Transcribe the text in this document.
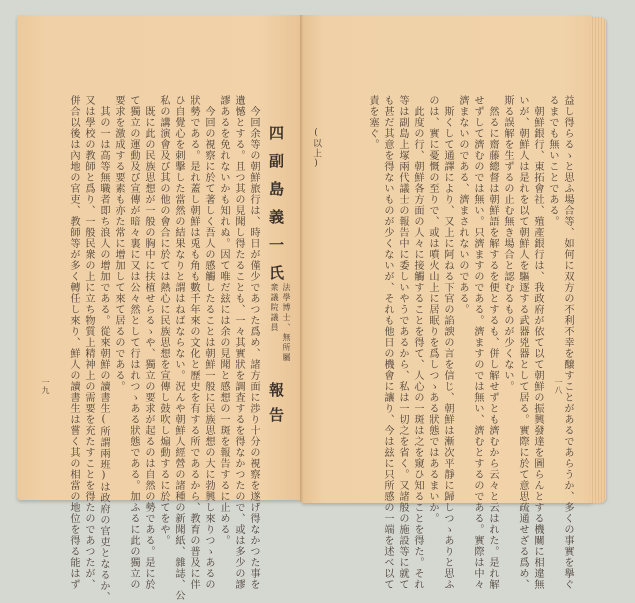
益し得らるゝと思ふ場合等、如何に双方の不利不幸を醸すことがあるであらうか、多くの事實を擧ぐ
るまでも無いことである。
朝鮮銀行、東拓會社、殖產銀行は、我政府が依て以て朝鮮の振興發達を圖らんとする機關に相違無
いが、朝鮮人は是れを以て朝鮮人を驅逐する武器兇器として居る。實際に於て意思疏通せざる爲め、
斯る誤解を生ずるの止む無き場合と認むるものが少くない。
然るに齋藤總督は朝鮮語を解するを便とするも、併し解せずとも濟むから云々と云はれた。是れ解
せずして濟むのでは無い。只濟ますのである。濟ますのでは無い、濟むとするのである。實際は中々
濟まないのである、濟まされないのである。
斯くして通譯により、又上に阿ねる下官の諂諛の言を信じ、朝鮮は漸次平靜に歸しつゝありと思ふ
のは、實に憂慨の至りで、或は噴火山上に居眠りを爲しつゝある狀態ではあるまいか。
此度の行、朝鮮各方面の人々に接觸することを得て、人心の一斑は之を窺ひ知ることを得た。それ
等は副島上塚兩代議士の報告中に委しいやうであるから、私は一切之を省く。又諸般の施設等に就て
も甚だ其意を得ないものが少くないが、それも他日の機會に讓り、今は玆に只所感の一端を述べ以て
責を塞ぐ。
(以上)
一八
四副島義一氏
法學博士、無所屬
衆議院議員
報告
今回余等の朝鮮旅行は、時日が僅少であつた爲め、諸方面に渉り十分の視察を遂げ得なかつた事を
遺憾とする。且つ其の見聞し得たることも、一々其實狀を調査するを得なかつたので、或は多少の謬
謬あるを免れないかも知れぬ。因て唯だ玆には余の見聞と感想の一斑を報告するに止める。
今回の視察に於て著しく吾人の感觸したることは朝鮮一般に民族思想の大に勃興し來りつゝあるの
狀勢である。是れ蓋し朝鮮は兎も角も數千年來の文化と歷史を有する所であるから、教育の普及に伴
ひ自覺心を刺擊した當然の結果なりと謂はねばならない。況んや朝鮮人經營の諸種の新聞紙、雜誌、公
私の講演會及び其の他の會合に於ては熱心に民族思想を宣傳し鼓吹し煽動するに於てをや。
既に此の民族思想が一般の胸中に扶植せらるゝや、獨立の要求が起るのは自然の勢である。是に於
て獨立の運動及び宣傳が暗々裏に又は公々然として行はれつゝある狀態である。加ふるに此の獨立の
要求を激成する要素も亦た常に增加して來て居るのである。
其の一は高等無職者即ち浪人の增加である。從來朝鮮の讀書生(所謂兩班)は政府の官吏となるか、
又は學校の教師と爲り、一般民衆の上に立ち物質上精神上の需要を充たすことを得たのであつたが、
併合以後は內地の官吏、教師等が多く轉任し來り、鮮人の讀書生は嘗く其の相當の地位を得る能はず
一九
